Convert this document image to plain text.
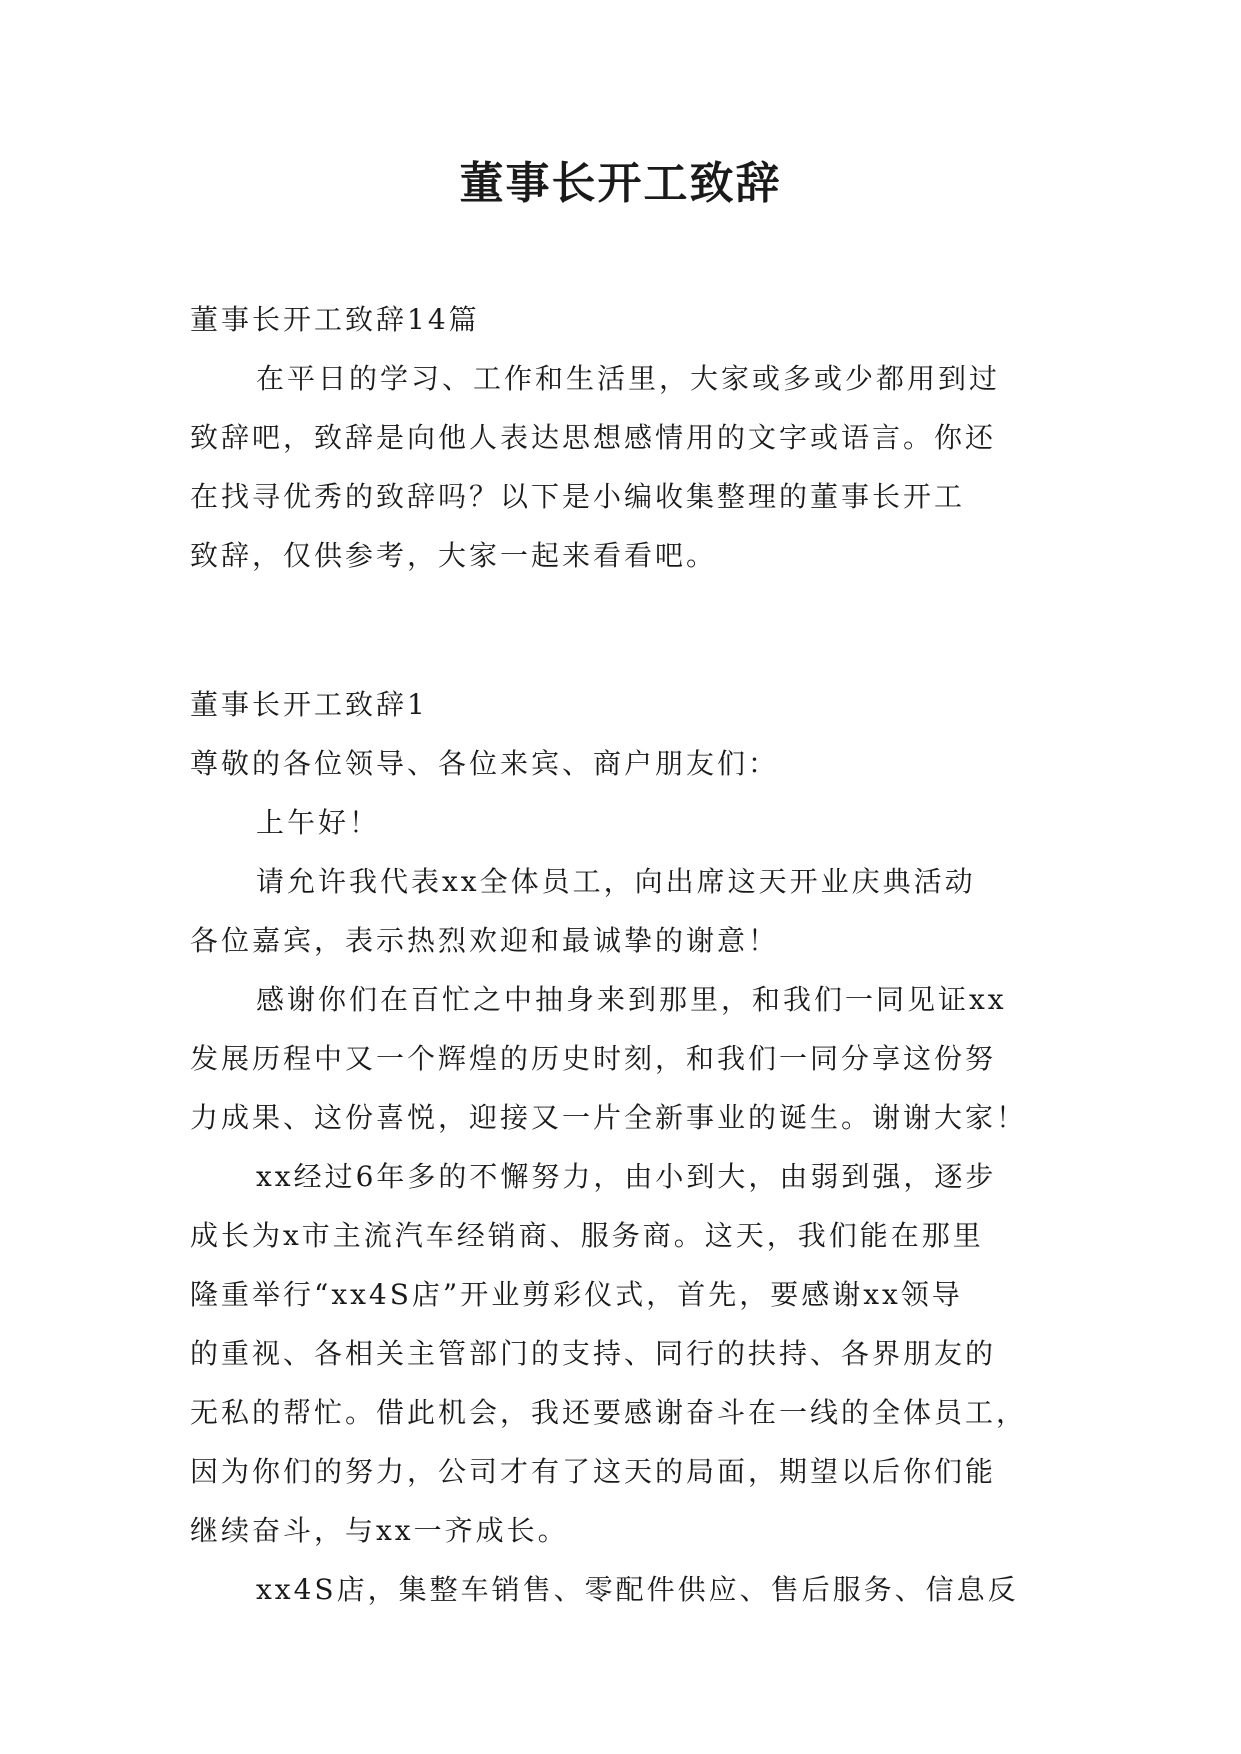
董事长开工致辞
董事长开工致辞14篇
在平日的学习、工作和生活里，大家或多或少都用到过
致辞吧，致辞是向他人表达思想感情用的文字或语言。你还
在找寻优秀的致辞吗？以下是小编收集整理的董事长开工
致辞，仅供参考，大家一起来看看吧。
董事长开工致辞1
尊敬的各位领导、各位来宾、商户朋友们：
上午好！
请允许我代表xx全体员工，向出席这天开业庆典活动
各位嘉宾，表示热烈欢迎和最诚挚的谢意！
感谢你们在百忙之中抽身来到那里，和我们一同见证xx
发展历程中又一个辉煌的历史时刻，和我们一同分享这份努
力成果、这份喜悦，迎接又一片全新事业的诞生。谢谢大家！
xx经过6年多的不懈努力，由小到大，由弱到强，逐步
成长为x市主流汽车经销商、服务商。这天，我们能在那里
隆重举行“xx4S店”开业剪彩仪式，首先，要感谢xx领导
的重视、各相关主管部门的支持、同行的扶持、各界朋友的
无私的帮忙。借此机会，我还要感谢奋斗在一线的全体员工，
因为你们的努力，公司才有了这天的局面，期望以后你们能
继续奋斗，与xx一齐成长。
xx4S店，集整车销售、零配件供应、售后服务、信息反
